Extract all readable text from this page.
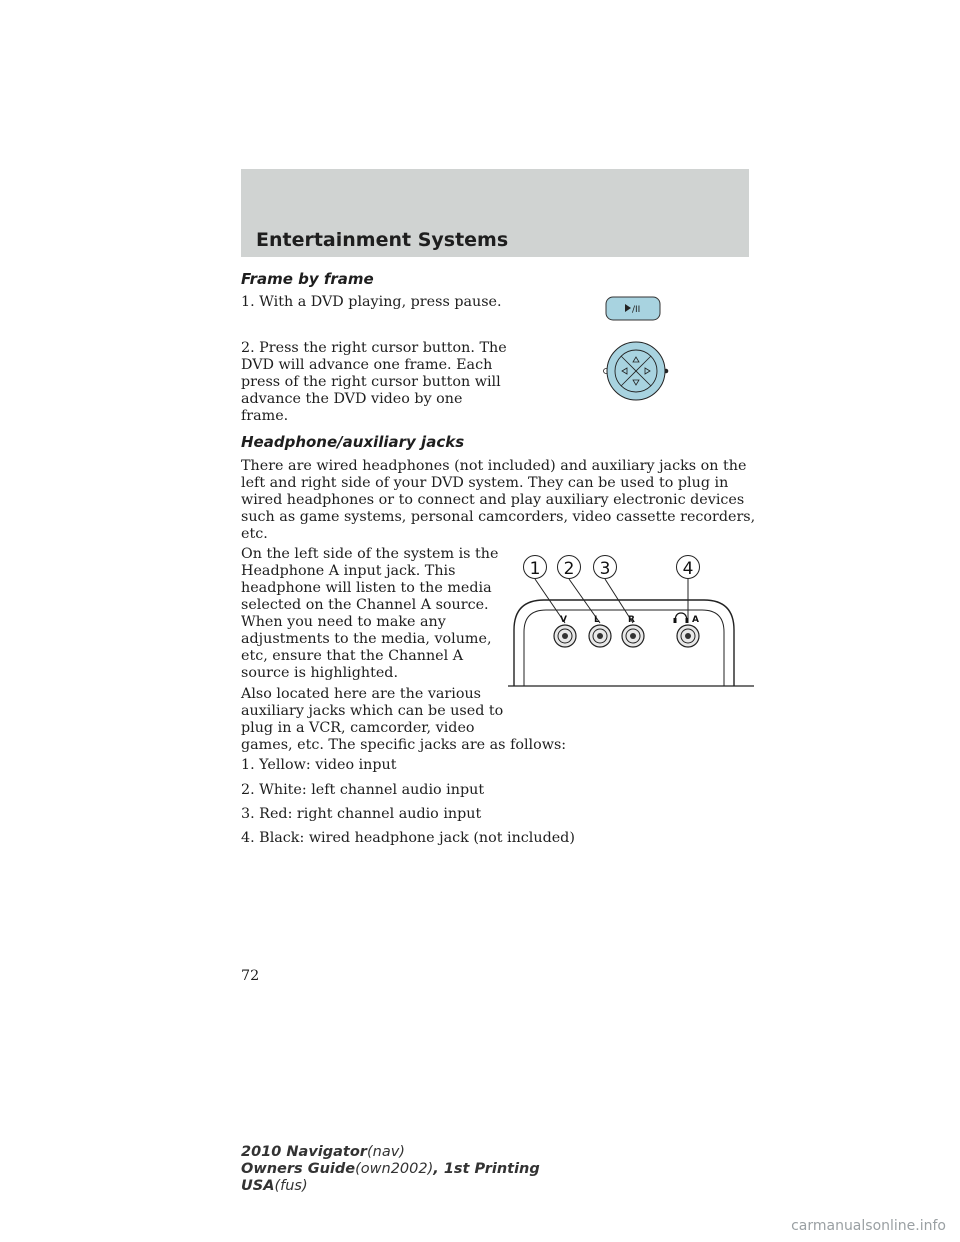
Entertainment Systems
Frame by frame
1. With a DVD playing, press pause.
2. Press the right cursor button. The
DVD will advance one frame. Each
press of the right cursor button will
advance the DVD video by one
frame.
/II
Headphone/auxiliary jacks
There are wired headphones (not included) and auxiliary jacks on the
left and right side of your DVD system. They can be used to plug in
wired headphones or to connect and play auxiliary electronic devices
such as game systems, personal camcorders, video cassette recorders,
etc.
On the left side of the system is the
Headphone A input jack. This
headphone will listen to the media
selected on the Channel A source.
When you need to make any
adjustments to the media, volume,
etc, ensure that the Channel A
source is highlighted.
Also located here are the various
auxiliary jacks which can be used to
plug in a VCR, camcorder, video
games, etc. The specific jacks are as follows:
1. Yellow: video input
2. White: left channel audio input
3. Red: right channel audio input
4. Black: wired headphone jack (not included)
1 2 3	4
V	L	R	A
72
2010 Navigator(nav)
Owners Guide(own2002), 1st Printing
USA(fus)
carmanualsonline.info
